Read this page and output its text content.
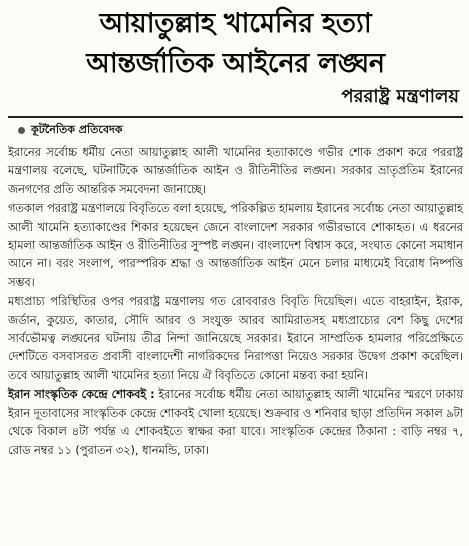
আয়াতুল্লাহ খামেনির হত্যা
আন্তর্জাতিক আইনের লঙ্ঘন
পররাষ্ট্র মন্ত্রণালয়
কূটনৈতিক প্রতিবেদক

ইরানের সর্বোচ্চ ধর্মীয় নেতা আয়াতুল্লাহ আলী খামেনির হত্যাকাণ্ডে গভীর শোক প্রকাশ করে পররাষ্ট্র মন্ত্রণালয় বলেছে, ঘটনাটিকে আন্তর্জাতিক আইন ও রীতিনীতির লঙ্ঘন। সরকার ভ্রাতৃপ্রতিম ইরানের জনগণের প্রতি আন্তরিক সমবেদনা জানাচ্ছে।

গতকাল পররাষ্ট্র মন্ত্রণালয়ে বিবৃতিতে বলা হয়েছে, পরিকল্পিত হামলায় ইরানের সর্বোচ্চ নেতা আয়াতুল্লাহ আলী খামেনি হত্যাকাণ্ডের শিকার হয়েছেন জেনে বাংলাদেশ সরকার গভীরভাবে শোকাহত। এ ধরনের হামলা আন্তর্জাতিক আইন ও রীতিনীতির সুস্পষ্ট লঙ্ঘন। বাংলাদেশ বিশ্বাস করে, সংঘাত কোনো সমাধান আনে না। বরং সংলাপ, পারস্পরিক শ্রদ্ধা ও আন্তর্জাতিক আইন মেনে চলার মাধ্যমেই বিরোধ নিষ্পত্তি সম্ভব।

মধ্যপ্রাচ্য পরিস্থিতির ওপর পররাষ্ট্র মন্ত্রণালয় গত রোববারও বিবৃতি দিয়েছিল। এতে বাহরাইন, ইরাক, জর্ডান, কুয়েত, কাতার, সৌদি আরব ও সংযুক্ত আরব আমিরাতসহ মধ্যপ্রাচ্যের বেশ কিছু দেশের সার্বভৌমত্ব লঙ্ঘনের ঘটনায় তীব্র নিন্দা জানিয়েছে সরকার। ইরানে সাম্প্রতিক হামলার পরিপ্রেক্ষিতে দেশটিতে বসবাসরত প্রবাসী বাংলাদেশী নাগরিকদের নিরাপত্তা নিয়েও সরকার উদ্বেগ প্রকাশ করেছিল। তবে আয়াতুল্লাহ আলী খামেনির হত্যা নিয়ে ঐ বিবৃতিতে কোনো মন্তব্য করা হয়নি।

ইরান সাংস্কৃতিক কেন্দ্রে শোকবই : ইরানের সর্বোচ্চ ধর্মীয় নেতা আয়াতুল্লাহ আলী খামেনির স্মরণে ঢাকায় ইরান দূতাবাসের সাংস্কৃতিক কেন্দ্রে শোকবই খোলা হয়েছে। শুক্রবার ও শনিবার ছাড়া প্রতিদিন সকাল ৯টা থেকে বিকাল ৪টা পর্যন্ত এ শোকবইতে স্বাক্ষর করা যাবে। সাংস্কৃতিক কেন্দ্রের ঠিকানা : বাড়ি নম্বর ৭, রোড নম্বর ১১ (পুরাতন ৩২), ধানমন্ডি, ঢাকা।
